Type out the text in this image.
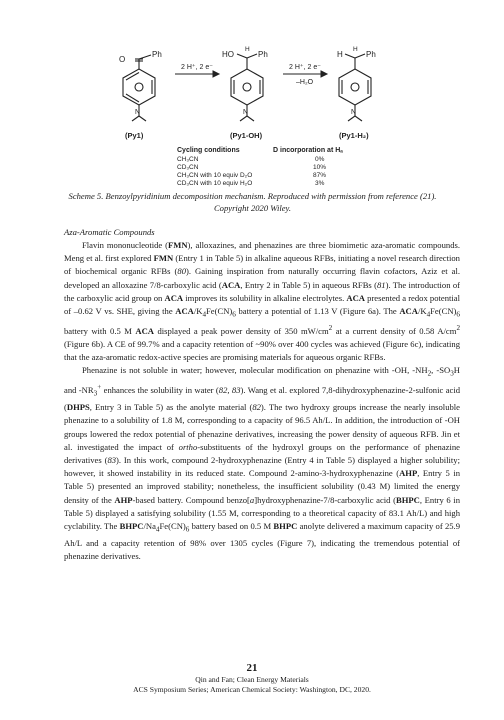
O
Ph
N
(Py1)
2 H⁺, 2 e⁻
HO
H
Ph
N
(Py1-OH)
2 H⁺, 2 e⁻
–H₂O
H
H
Ph
N
(Py1-H₂)
Cycling conditions	D incorporation at Hₐ
CH₃CN	0%
CD₃CN	10%
CH₃CN with 10 equiv D₂O	87%
CD₃CN with 10 equiv H₂O	3%
Scheme 5. Benzoylpyridinium decomposition mechanism. Reproduced with permission from reference (21).
Copyright 2020 Wiley.
Aza-Aromatic Compounds

Flavin mononucleotide (FMN), alloxazines, and phenazines are three biomimetic aza-aromatic compounds. Meng et al. first explored FMN (Entry 1 in Table 5) in alkaline aqueous RFBs, initiating a novel research direction of biochemical organic RFBs (80). Gaining inspiration from naturally occurring flavin cofactors, Aziz et al. developed an alloxazine 7/8-carboxylic acid (ACA, Entry 2 in Table 5) in aqueous RFBs (81). The introduction of the carboxylic acid group on ACA improves its solubility in alkaline electrolytes. ACA presented a redox potential of –0.62 V vs. SHE, giving the ACA/$K_4Fe(CN)_6$ battery a potential of 1.13 V (Figure 6a). The ACA/$K_4Fe(CN)_6$ battery with 0.5 M ACA displayed a peak power density of 350 $mW/cm^2$ at a current density of 0.58 $A/cm^2$ (Figure 6b). A CE of 99.7% and a capacity retention of ~90% over 400 cycles was achieved (Figure 6c), indicating that the aza-aromatic redox-active species are promising materials for aqueous organic RFBs.

Phenazine is not soluble in water; however, molecular modification on phenazine with -OH, $-NH_2$, $-SO_3H$ and $-NR_3^+$ enhances the solubility in water (82, 83). Wang et al. explored 7,8-dihydroxyphenazine-2-sulfonic acid (DHPS, Entry 3 in Table 5) as the anolyte material (82). The two hydroxy groups increase the nearly insoluble phenazine to a solubility of 1.8 M, corresponding to a capacity of 96.5 Ah/L. In addition, the introduction of -OH groups lowered the redox potential of phenazine derivatives, increasing the power density of aqueous RFB. Jin et al. investigated the impact of ortho-substituents of the hydroxyl groups on the performance of phenazine derivatives (83). In this work, compound 2-hydroxyphenazine (Entry 4 in Table 5) displayed a higher solubility; however, it showed instability in its reduced state. Compound 2-amino-3-hydroxyphenazine (AHP, Entry 5 in Table 5) presented an improved stability; nonetheless, the insufficient solubility (0.43 M) limited the energy density of the AHP-based battery. Compound benzo[a]hydroxyphenazine-7/8-carboxylic acid (BHPC, Entry 6 in Table 5) displayed a satisfying solubility (1.55 M, corresponding to a theoretical capacity of 83.1 Ah/L) and high cyclability. The BHPC/$Na_4Fe(CN)_6$ battery based on 0.5 M BHPC anolyte delivered a maximum capacity of 25.9 Ah/L and a capacity retention of 98% over 1305 cycles (Figure 7), indicating the tremendous potential of phenazine derivatives.

21
Qin and Fan; Clean Energy Materials
ACS Symposium Series; American Chemical Society: Washington, DC, 2020.
